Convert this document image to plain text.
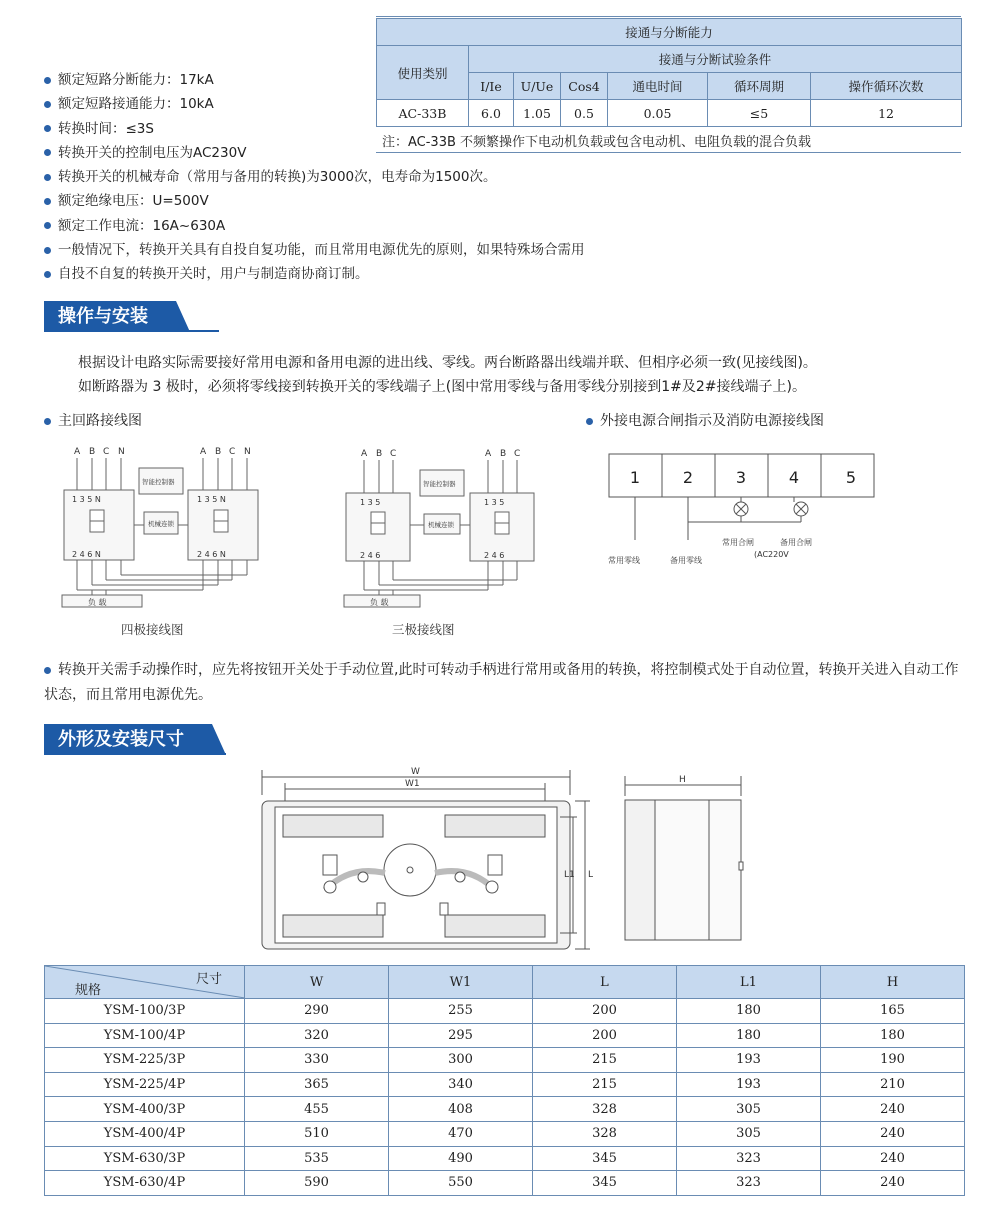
接通与分断能力						
使用类别	接通与分断试验条件					
	I/Ie	U/Ue	Cos4	通电时间	循环周期	操作循环次数
AC-33B	6.0	1.05	0.5	0.05	≤5	12
注：AC-33B 不频繁操作下电动机负载或包含电动机、电阻负载的混合负载
额定短路分断能力：17kA
额定短路接通能力：10kA
转换时间：≤3S
转换开关的控制电压为AC230V
转换开关的机械寿命（常用与备用的转换)为3000次，电寿命为1500次。
额定绝缘电压：U=500V
额定工作电流：16A~630A
一般情况下，转换开关具有自投自复功能，而且常用电源优先的原则，如果特殊场合需用
自投不自复的转换开关时，用户与制造商协商订制。
操作与安装
根据设计电路实际需要接好常用电源和备用电源的进出线、零线。两台断路器出线端并联、但相序必须一致(见接线图)。
如断路器为 3 极时，必须将零线接到转换开关的零线端子上(图中常用零线与备用零线分别接到1#及2#接线端子上)。
主回路接线图	外接电源合闸指示及消防电源接线图
A B C N	A B C N
1 3 5 N	1 3 5 N
2 4 6 N	2 4 6 N
智能控制器
机械连锁
负 载
四极接线图
A B C	A B C
1 3 5	1 3 5
2 4 6	2 4 6
智能控制器
机械连锁
负 载
三极接线图
1	2	3	4	5
常用零线	备用零线
常用合闸	备用合闸
(AC220V
转换开关需手动操作时，应先将按钮开关处于手动位置,此时可转动手柄进行常用或备用的转换，将控制模式处于自动位置，转换开关进入自动工作状态，而且常用电源优先。
外形及安装尺寸
W
W1
L
L1
H
尺寸
规格	W	W1	L	L1	H
YSM-100/3P	290	255	200	180	165
YSM-100/4P	320	295	200	180	180
YSM-225/3P	330	300	215	193	190
YSM-225/4P	365	340	215	193	210
YSM-400/3P	455	408	328	305	240
YSM-400/4P	510	470	328	305	240
YSM-630/3P	535	490	345	323	240
YSM-630/4P	590	550	345	323	240
